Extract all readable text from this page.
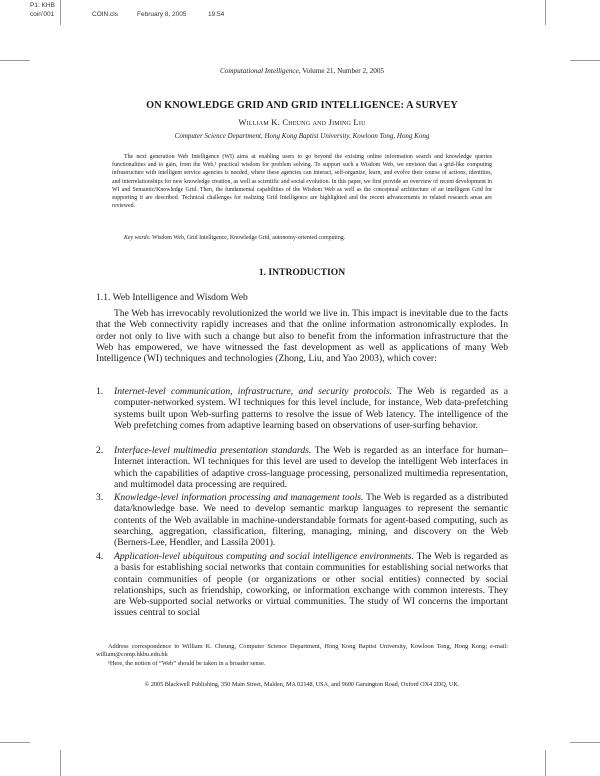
P1: KHB
coin’001	COIN.cls	February 8, 2005	19:54
Computational Intelligence, Volume 21, Number 2, 2005
ON KNOWLEDGE GRID AND GRID INTELLIGENCE: A SURVEY
William K. Cheung and Jiming Liu
Computer Science Department, Hong Kong Baptist University, Kowloon Tong, Hong Kong
The next generation Web Intelligence (WI) aims at enabling users to go beyond the existing online information search and knowledge queries functionalities and to gain, from the Web,¹ practical wisdom for problem solving. To support such a Wisdom Web, we envision that a grid-like computing infrastructure with intelligent service agencies is needed, where these agencies can interact, self-organize, learn, and evolve their course of actions, identities, and interrelationships for new knowledge creation, as well as scientific and social evolution. In this paper, we first provide an overview of recent development in WI and Semantic/Knowledge Grid. Then, the fundamental capabilities of the Wisdom Web as well as the conceptual architecture of an intelligent Grid for supporting it are described. Technical challenges for realizing Grid Intelligence are highlighted and the recent advancements in related research areas are reviewed.
Key words: Wisdom Web, Grid Intelligence, Knowledge Grid, autonomy-oriented computing.
1. INTRODUCTION
1.1. Web Intelligence and Wisdom Web
The Web has irrevocably revolutionized the world we live in. This impact is inevitable due to the facts that the Web connectivity rapidly increases and that the online information astronomically explodes. In order not only to live with such a change but also to benefit from the information infrastructure that the Web has empowered, we have witnessed the fast development as well as applications of many Web Intelligence (WI) techniques and technologies (Zhong, Liu, and Yao 2003), which cover:
1. Internet-level communication, infrastructure, and security protocols. The Web is regarded as a computer-networked system. WI techniques for this level include, for instance, Web data-prefetching systems built upon Web-surfing patterns to resolve the issue of Web latency. The intelligence of the Web prefetching comes from adaptive learning based on observations of user-surfing behavior.
2. Interface-level multimedia presentation standards. The Web is regarded as an interface for human–Internet interaction. WI techniques for this level are used to develop the intelligent Web interfaces in which the capabilities of adaptive cross-language processing, personalized multimedia representation, and multimodel data processing are required.
3. Knowledge-level information processing and management tools. The Web is regarded as a distributed data/knowledge base. We need to develop semantic markup languages to represent the semantic contents of the Web available in machine-understandable formats for agent-based computing, such as searching, aggregation, classification, filtering, managing, mining, and discovery on the Web (Berners-Lee, Hendler, and Lassila 2001).
4. Application-level ubiquitous computing and social intelligence environments. The Web is regarded as a basis for establishing social networks that contain communities for establishing social networks that contain communities of people (or organizations or other social entities) connected by social relationships, such as friendship, coworking, or information exchange with common interests. They are Web-supported social networks or virtual communities. The study of WI concerns the important issues central to social
Address correspondence to William K. Cheung, Computer Science Department, Hong Kong Baptist University, Kowloon Tong, Hong Kong; e-mail: william@comp.hkbu.edu.hk
¹Here, the notion of “Web” should be taken in a broader sense.
© 2005 Blackwell Publishing, 350 Main Street, Malden, MA 02148, USA, and 9600 Garsington Road, Oxford OX4 2DQ, UK.
